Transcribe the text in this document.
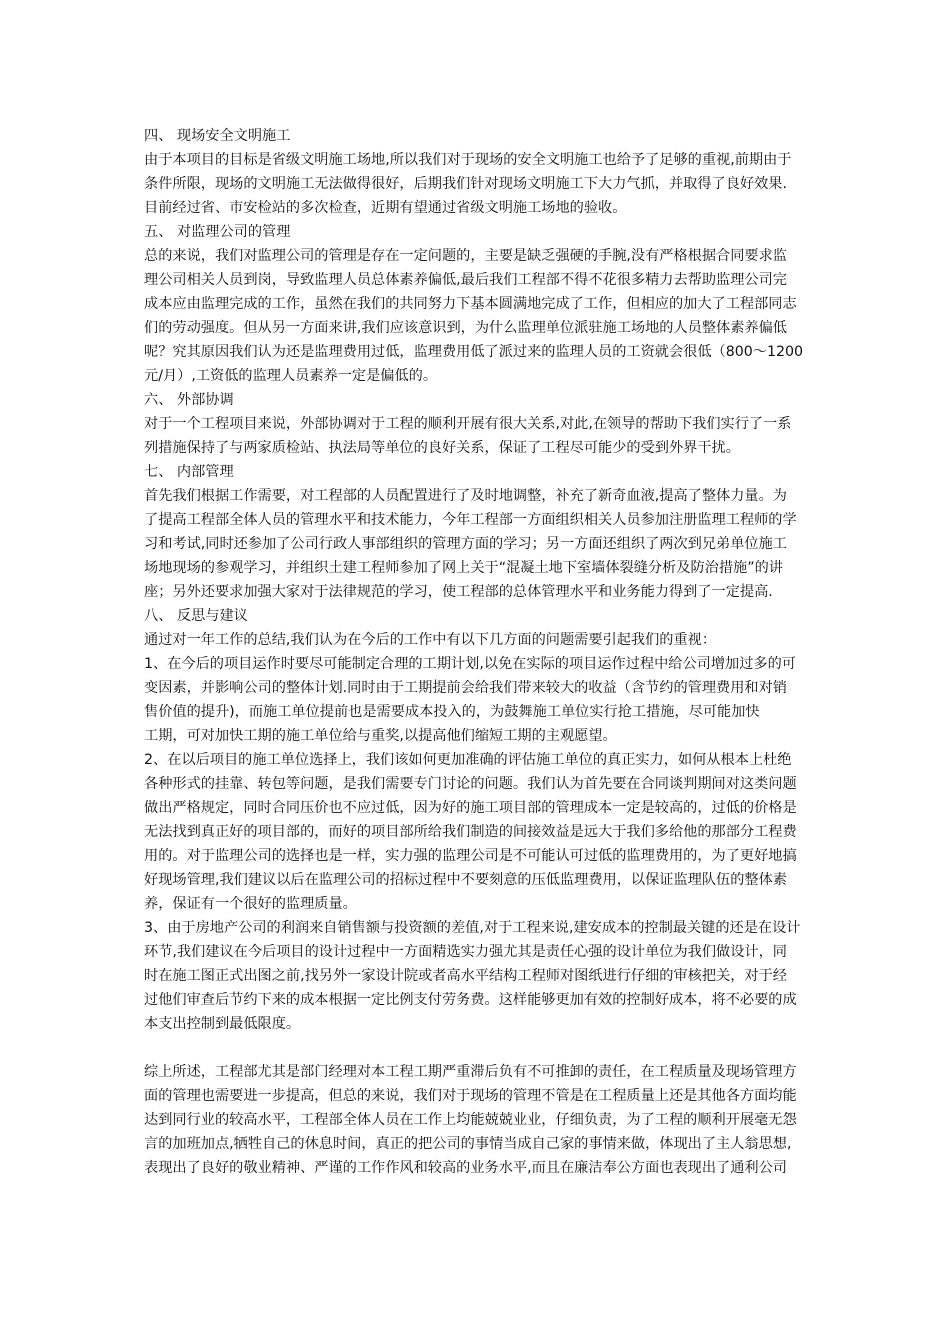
四、 现场安全文明施工
由于本项目的目标是省级文明施工场地,所以我们对于现场的安全文明施工也给予了足够的重视,前期由于
条件所限，现场的文明施工无法做得很好，后期我们针对现场文明施工下大力气抓，并取得了良好效果.
目前经过省、市安检站的多次检查，近期有望通过省级文明施工场地的验收。
五、 对监理公司的管理
总的来说，我们对监理公司的管理是存在一定问题的，主要是缺乏强硬的手腕,没有严格根据合同要求监
理公司相关人员到岗，导致监理人员总体素养偏低,最后我们工程部不得不花很多精力去帮助监理公司完
成本应由监理完成的工作，虽然在我们的共同努力下基本圆满地完成了工作，但相应的加大了工程部同志
们的劳动强度。但从另一方面来讲,我们应该意识到，为什么监理单位派驻施工场地的人员整体素养偏低
呢？究其原因我们认为还是监理费用过低，监理费用低了派过来的监理人员的工资就会很低（800～1200
元/月）,工资低的监理人员素养一定是偏低的。
六、 外部协调
对于一个工程项目来说，外部协调对于工程的顺利开展有很大关系,对此,在领导的帮助下我们实行了一系
列措施保持了与两家质检站、执法局等单位的良好关系，保证了工程尽可能少的受到外界干扰。
七、 内部管理
首先我们根据工作需要，对工程部的人员配置进行了及时地调整，补充了新奇血液,提高了整体力量。为
了提高工程部全体人员的管理水平和技术能力，今年工程部一方面组织相关人员参加注册监理工程师的学
习和考试,同时还参加了公司行政人事部组织的管理方面的学习；另一方面还组织了两次到兄弟单位施工
场地现场的参观学习，并组织土建工程师参加了网上关于“混凝土地下室墙体裂缝分析及防治措施”的讲
座；另外还要求加强大家对于法律规范的学习，使工程部的总体管理水平和业务能力得到了一定提高.
八、 反思与建议
通过对一年工作的总结,我们认为在今后的工作中有以下几方面的问题需要引起我们的重视：
1、在今后的项目运作时要尽可能制定合理的工期计划,以免在实际的项目运作过程中给公司增加过多的可
变因素，并影响公司的整体计划.同时由于工期提前会给我们带来较大的收益（含节约的管理费用和对销
售价值的提升)，而施工单位提前也是需要成本投入的，为鼓舞施工单位实行抢工措施，尽可能加快
工期，可对加快工期的施工单位给与重奖,以提高他们缩短工期的主观愿望。
2、在以后项目的施工单位选择上，我们该如何更加准确的评估施工单位的真正实力，如何从根本上杜绝
各种形式的挂靠、转包等问题，是我们需要专门讨论的问题。我们认为首先要在合同谈判期间对这类问题
做出严格规定，同时合同压价也不应过低，因为好的施工项目部的管理成本一定是较高的，过低的价格是
无法找到真正好的项目部的，而好的项目部所给我们制造的间接效益是远大于我们多给他的那部分工程费
用的。对于监理公司的选择也是一样，实力强的监理公司是不可能认可过低的监理费用的，为了更好地搞
好现场管理,我们建议以后在监理公司的招标过程中不要刻意的压低监理费用，以保证监理队伍的整体素
养，保证有一个很好的监理质量。
3、由于房地产公司的利润来自销售额与投资额的差值,对于工程来说,建安成本的控制最关键的还是在设计
环节,我们建议在今后项目的设计过程中一方面精选实力强尤其是责任心强的设计单位为我们做设计，同
时在施工图正式出图之前,找另外一家设计院或者高水平结构工程师对图纸进行仔细的审核把关，对于经
过他们审查后节约下来的成本根据一定比例支付劳务费。这样能够更加有效的控制好成本，将不必要的成
本支出控制到最低限度。
综上所述，工程部尤其是部门经理对本工程工期严重滞后负有不可推卸的责任，在工程质量及现场管理方
面的管理也需要进一步提高，但总的来说，我们对于现场的管理不管是在工程质量上还是其他各方面均能
达到同行业的较高水平，工程部全体人员在工作上均能兢兢业业，仔细负责，为了工程的顺利开展毫无怨
言的加班加点,牺牲自己的休息时间，真正的把公司的事情当成自己家的事情来做，体现出了主人翁思想,
表现出了良好的敬业精神、严谨的工作作风和较高的业务水平,而且在廉洁奉公方面也表现出了通利公司
